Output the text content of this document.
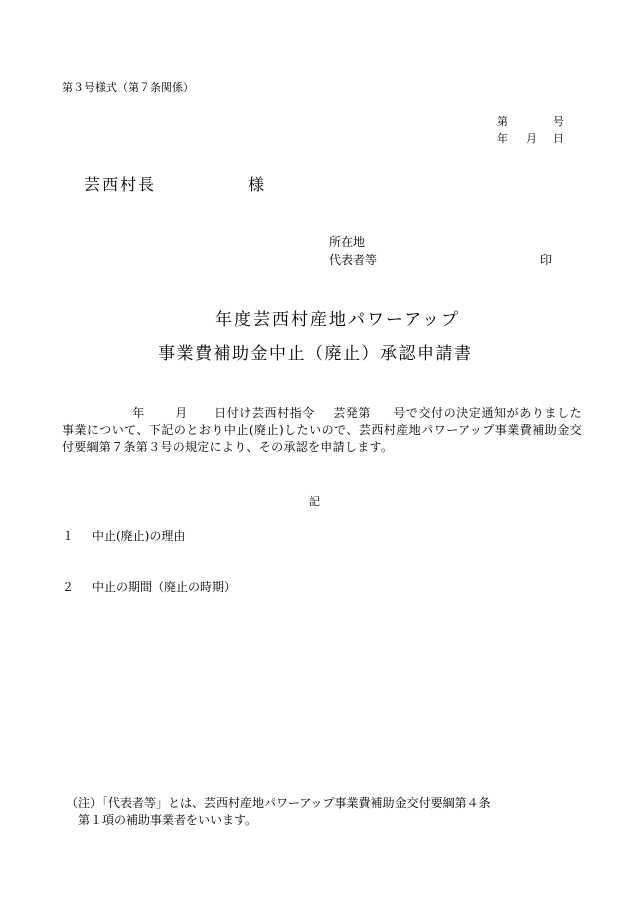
第３号様式（第７条関係）
第	号
年 月 日
芸西村長	様
所在地
代表者等	印
年度芸西村産地パワーアップ
事業費補助金中止（廃止）承認申請書
年	月 日付け芸西村指令 芸発第 号で交付の決定通知がありました事業について、下記のとおり中止(廃止)したいので、芸西村産地パワーアップ事業費補助金交付要綱第７条第３号の規定により、その承認を申請します。
記
１ 中止(廃止)の理由
２ 中止の期間（廃止の時期）
（注）「代表者等」とは、芸西村産地パワーアップ事業費補助金交付要綱第４条
第１項の補助事業者をいいます。
